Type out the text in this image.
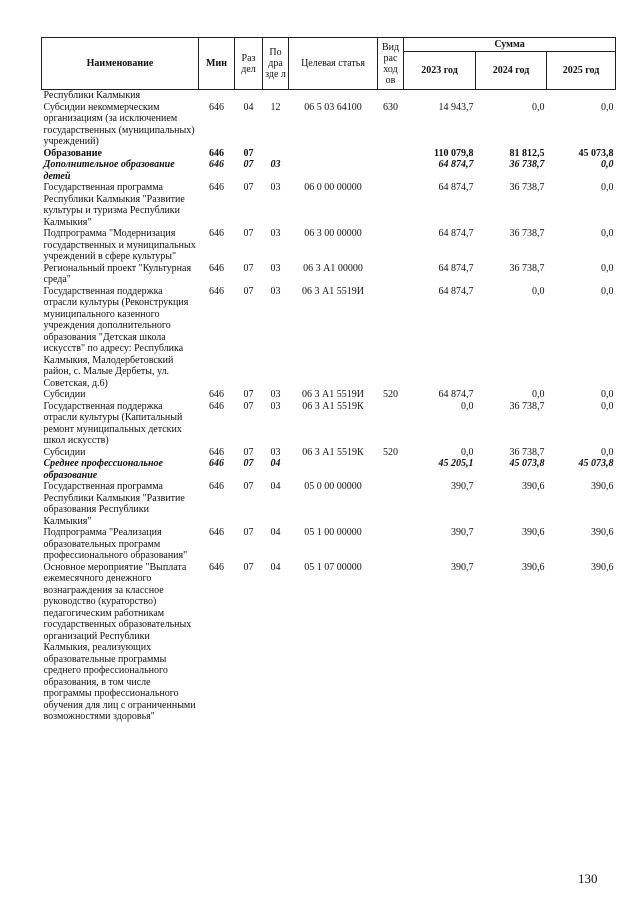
Наименование	Мин	Раз дел	По дра зде л	Целевая статья	Вид рас ход ов	Сумма		
						2023 год	2024 год	2025 год
Республики Калмыкия								
Субсидии некоммерческим организациям (за исключением государственных (муниципальных) учреждений)	646	04	12	06 5 03 64100	630	14 943,7	0,0	0,0
Образование	646	07				110 079,8	81 812,5	45 073,8
Дополнительное образование детей	646	07	03			64 874,7	36 738,7	0,0
Государственная программа Республики Калмыкия "Развитие культуры и туризма Республики Калмыкия"	646	07	03	06 0 00 00000		64 874,7	36 738,7	0,0
Подпрограмма "Модернизация государственных и муниципальных учреждений в сфере культуры"	646	07	03	06 3 00 00000		64 874,7	36 738,7	0,0
Региональный проект "Культурная среда"	646	07	03	06 3 А1 00000		64 874,7	36 738,7	0,0
Государственная поддержка отрасли культуры (Реконструкция муниципального казенного учреждения дополнительного образования "Детская школа искусств" по адресу: Республика Калмыкия, Малодербетовский район, с. Малые Дербеты, ул. Советская, д.6)	646	07	03	06 3 А1 5519И		64 874,7	0,0	0,0
Субсидии	646	07	03	06 3 А1 5519И	520	64 874,7	0,0	0,0
Государственная поддержка отрасли культуры (Капитальный ремонт муниципальных детских школ искусств)	646	07	03	06 3 А1 5519К		0,0	36 738,7	0,0
Субсидии	646	07	03	06 3 А1 5519К	520	0,0	36 738,7	0,0
Среднее профессиональное образование	646	07	04			45 205,1	45 073,8	45 073,8
Государственная программа Республики Калмыкия "Развитие образования Республики Калмыкия"	646	07	04	05 0 00 00000		390,7	390,6	390,6
Подпрограмма "Реализация образовательных программ профессионального образования"	646	07	04	05 1 00 00000		390,7	390,6	390,6
Основное мероприятие "Выплата ежемесячного денежного вознаграждения за классное руководство (кураторство) педагогическим работникам государственных образовательных организаций Республики Калмыкия, реализующих образовательные программы среднего профессионального образования, в том числе программы профессионального обучения для лиц с ограниченными возможностями здоровья"	646	07	04	05 1 07 00000		390,7	390,6	390,6
130
